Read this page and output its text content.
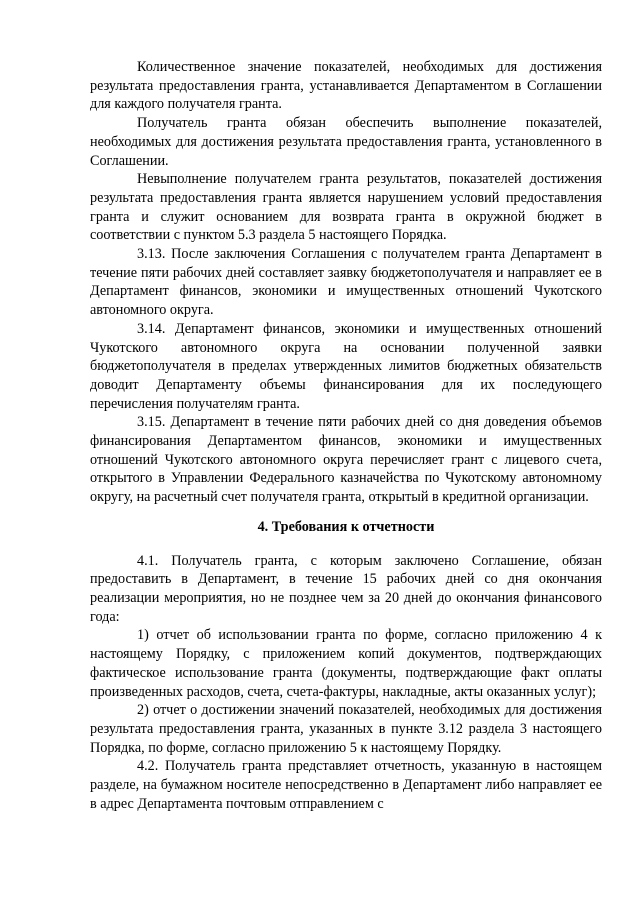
Количественное значение показателей, необходимых для достижения результата предоставления гранта, устанавливается Департаментом в Соглашении для каждого получателя гранта.

Получатель гранта обязан обеспечить выполнение показателей, необходимых для достижения результата предоставления гранта, установленного в Соглашении.

Невыполнение получателем гранта результатов, показателей достижения результата предоставления гранта является нарушением условий предоставления гранта и служит основанием для возврата гранта в окружной бюджет в соответствии с пунктом 5.3 раздела 5 настоящего Порядка.

3.13. После заключения Соглашения с получателем гранта Департамент в течение пяти рабочих дней составляет заявку бюджетополучателя и направляет ее в Департамент финансов, экономики и имущественных отношений Чукотского автономного округа.

3.14. Департамент финансов, экономики и имущественных отношений Чукотского автономного округа на основании полученной заявки бюджетополучателя в пределах утвержденных лимитов бюджетных обязательств доводит Департаменту объемы финансирования для их последующего перечисления получателям гранта.

3.15. Департамент в течение пяти рабочих дней со дня доведения объемов финансирования Департаментом финансов, экономики и имущественных отношений Чукотского автономного округа перечисляет грант с лицевого счета, открытого в Управлении Федерального казначейства по Чукотскому автономному округу, на расчетный счет получателя гранта, открытый в кредитной организации.

4. Требования к отчетности

4.1. Получатель гранта, с которым заключено Соглашение, обязан предоставить в Департамент, в течение 15 рабочих дней со дня окончания реализации мероприятия, но не позднее чем за 20 дней до окончания финансового года:

1) отчет об использовании гранта по форме, согласно приложению 4 к настоящему Порядку, с приложением копий документов, подтверждающих фактическое использование гранта (документы, подтверждающие факт оплаты произведенных расходов, счета, счета-фактуры, накладные, акты оказанных услуг);

2) отчет о достижении значений показателей, необходимых для достижения результата предоставления гранта, указанных в пункте 3.12 раздела 3 настоящего Порядка, по форме, согласно приложению 5 к настоящему Порядку.

4.2. Получатель гранта представляет отчетность, указанную в настоящем разделе, на бумажном носителе непосредственно в Департамент либо направляет ее в адрес Департамента почтовым отправлением с
